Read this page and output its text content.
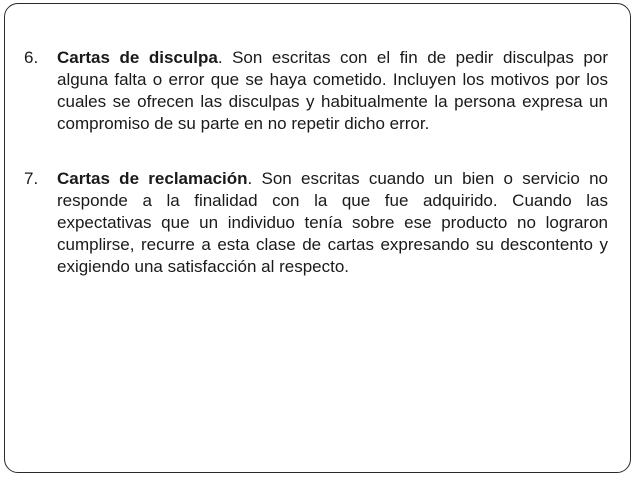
6. Cartas de disculpa. Son escritas con el fin de pedir disculpas por alguna falta o error que se haya cometido. Incluyen los motivos por los cuales se ofrecen las disculpas y habitualmente la persona expresa un compromiso de su parte en no repetir dicho error.
7. Cartas de reclamación. Son escritas cuando un bien o servicio no responde a la finalidad con la que fue adquirido. Cuando las expectativas que un individuo tenía sobre ese producto no lograron cumplirse, recurre a esta clase de cartas expresando su descontento y exigiendo una satisfacción al respecto.
